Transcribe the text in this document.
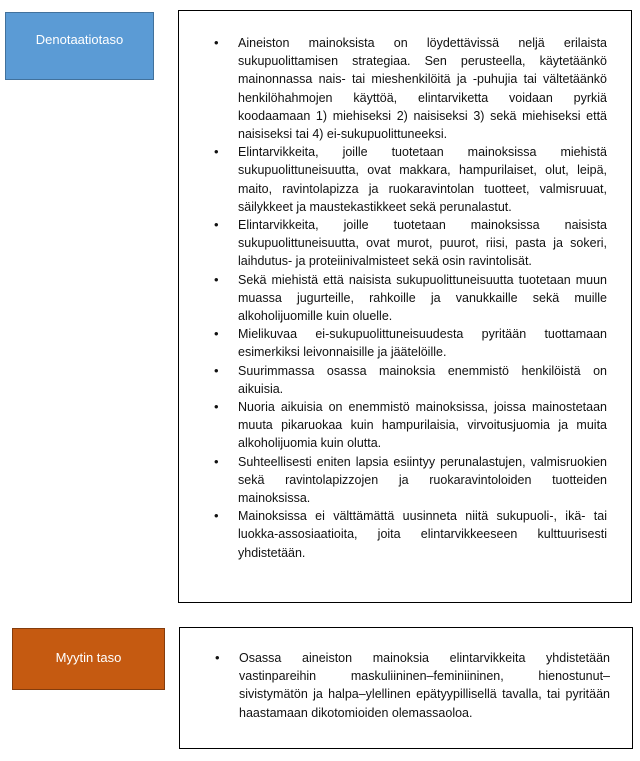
Denotaatiotaso	• Aineiston mainoksista on löydettävissä neljä erilaista sukupuolittamisen strategiaa. Sen perusteella, käytetäänkö mainonnassa nais- tai mieshenkilöitä ja -puhujia tai vältetäänkö henkilöhahmojen käyttöä, elintarviketta voidaan pyrkiä koodaamaan 1) miehiseksi 2) naisiseksi 3) sekä miehiseksi että naisiseksi tai 4) ei-sukupuolittuneeksi.
• Elintarvikkeita, joille tuotetaan mainoksissa miehistä sukupuolittuneisuutta, ovat makkara, hampurilaiset, olut, leipä, maito, ravintolapizza ja ruokaravintolan tuotteet, valmisruuat, säilykkeet ja maustekastikkeet sekä perunalastut.
• Elintarvikkeita, joille tuotetaan mainoksissa naisista sukupuolittuneisuutta, ovat murot, puurot, riisi, pasta ja sokeri, laihdutus- ja proteiinivalmisteet sekä osin ravintolisät.
• Sekä miehistä että naisista sukupuolittuneisuutta tuotetaan muun muassa jugurteille, rahkoille ja vanukkaille sekä muille alkoholijuomille kuin oluelle.
• Mielikuvaa ei-sukupuolittuneisuudesta pyritään tuottamaan esimerkiksi leivonnaisille ja jäätelöille.
• Suurimmassa osassa mainoksia enemmistö henkilöistä on aikuisia.
• Nuoria aikuisia on enemmistö mainoksissa, joissa mainostetaan muuta pikaruokaa kuin hampurilaisia, virvoitusjuomia ja muita alkoholijuomia kuin olutta.
• Suhteellisesti eniten lapsia esiintyy perunalastujen, valmisruokien sekä ravintolapizzojen ja ruokaravintoloiden tuotteiden mainoksissa.
• Mainoksissa ei välttämättä uusinneta niitä sukupuoli-, ikä- tai luokka-assosiaatioita, joita elintarvikkeeseen kulttuurisesti yhdistetään.
Myytin taso	• Osassa aineiston mainoksia elintarvikkeita yhdistetään vastinpareihin maskuliininen–feminiininen, hienostunut–sivistymätön ja halpa–ylellinen epätyypillisellä tavalla, tai pyritään haastamaan dikotomioiden olemassaoloa.
